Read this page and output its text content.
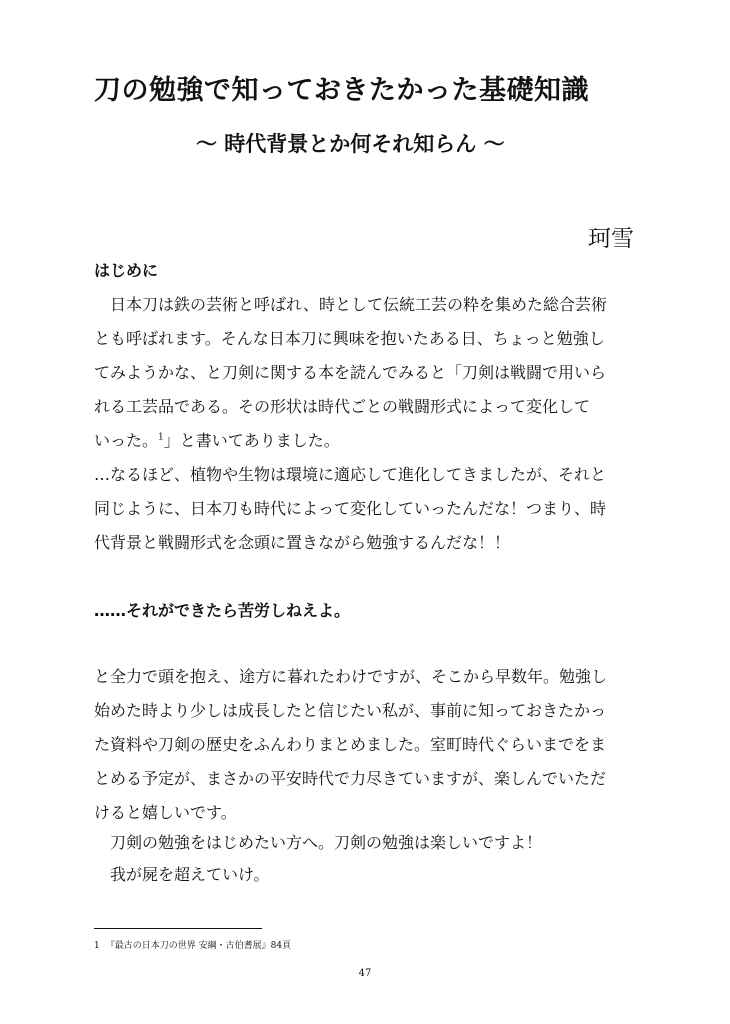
刀の勉強で知っておきたかった基礎知識
〜 時代背景とか何それ知らん 〜
珂雪
はじめに
日本刀は鉄の芸術と呼ばれ、時として伝統工芸の粋を集めた総合芸術
とも呼ばれます。そんな日本刀に興味を抱いたある日、ちょっと勉強し
てみようかな、と刀剣に関する本を読んでみると「刀剣は戦闘で用いら
れる工芸品である。その形状は時代ごとの戦闘形式によって変化して
いった。$^1$」と書いてありました。
…なるほど、植物や生物は環境に適応して進化してきましたが、それと
同じように、日本刀も時代によって変化していったんだな！つまり、時
代背景と戦闘形式を念頭に置きながら勉強するんだな！！
……それができたら苦労しねえよ。
と全力で頭を抱え、途方に暮れたわけですが、そこから早数年。勉強し
始めた時より少しは成長したと信じたい私が、事前に知っておきたかっ
た資料や刀剣の歴史をふんわりまとめました。室町時代ぐらいまでをま
とめる予定が、まさかの平安時代で力尽きていますが、楽しんでいただ
けると嬉しいです。
刀剣の勉強をはじめたい方へ。刀剣の勉強は楽しいですよ！
我が屍を超えていけ。
1 『最古の日本刀の世界 安綱・古伯耆展』84頁
47
